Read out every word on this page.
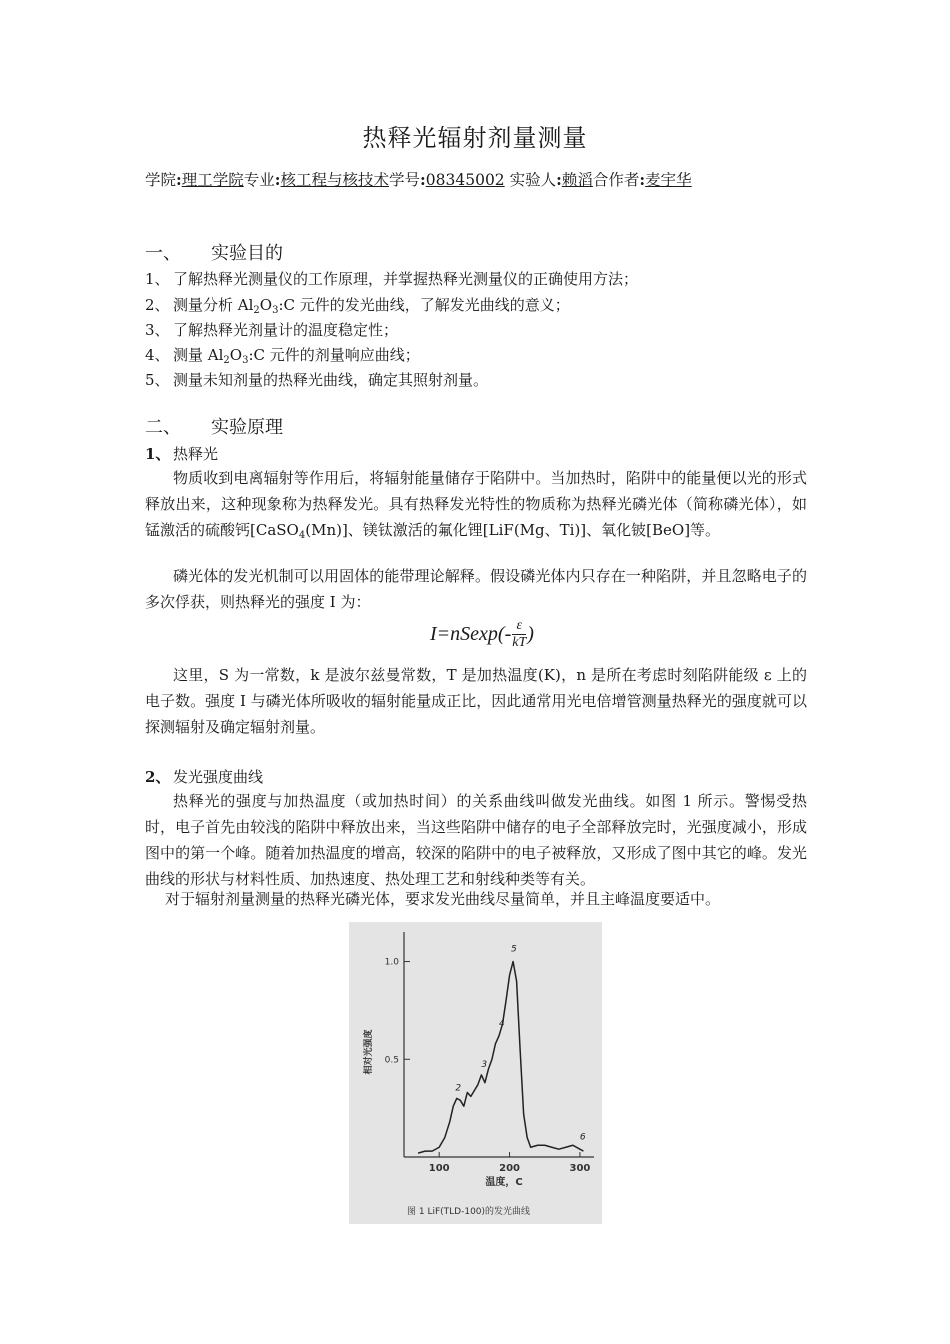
热释光辐射剂量测量
学院:理工学院专业:核工程与核技术学号:08345002 实验人:赖滔合作者:麦宇华
一、 实验目的
1、 了解热释光测量仪的工作原理，并掌握热释光测量仪的正确使用方法；
2、 测量分析 $Al_2O_3:C$ 元件的发光曲线，了解发光曲线的意义；
3、 了解热释光剂量计的温度稳定性；
4、 测量 $Al_2O_3:C$ 元件的剂量响应曲线；
5、 测量未知剂量的热释光曲线，确定其照射剂量。
二、 实验原理
1、 热释光
物质收到电离辐射等作用后，将辐射能量储存于陷阱中。当加热时，陷阱中的能量便以光的形式释放出来，这种现象称为热释发光。具有热释发光特性的物质称为热释光磷光体（简称磷光体），如锰激活的硫酸钙[CaSO$_4$(Mn)]、镁钛激活的氟化锂[LiF(Mg、Ti)]、氧化铍[BeO]等。
磷光体的发光机制可以用固体的能带理论解释。假设磷光体内只存在一种陷阱，并且忽略电子的多次俘获，则热释光的强度 I 为：
$I=nSexp(- \frac{\varepsilon}{kT}$ )
这里，S 为一常数，k 是波尔兹曼常数，T 是加热温度(K)，n 是所在考虑时刻陷阱能级 ε 上的电子数。强度 I 与磷光体所吸收的辐射能量成正比，因此通常用光电倍增管测量热释光的强度就可以探测辐射及确定辐射剂量。
2、 发光强度曲线
热释光的强度与加热温度（或加热时间）的关系曲线叫做发光曲线。如图 1 所示。警惕受热时，电子首先由较浅的陷阱中释放出来，当这些陷阱中储存的电子全部释放完时，光强度减小，形成图中的第一个峰。随着加热温度的增高，较深的陷阱中的电子被释放，又形成了图中其它的峰。发光曲线的形状与材料性质、加热速度、热处理工艺和射线种类等有关。
对于辐射剂量测量的热释光磷光体，要求发光曲线尽量简单，并且主峰温度要适中。
100	200	300
0.5
1.0
2
3
4
5
6
相对光强度
温度，C
图 1 LiF(TLD-100)的发光曲线
